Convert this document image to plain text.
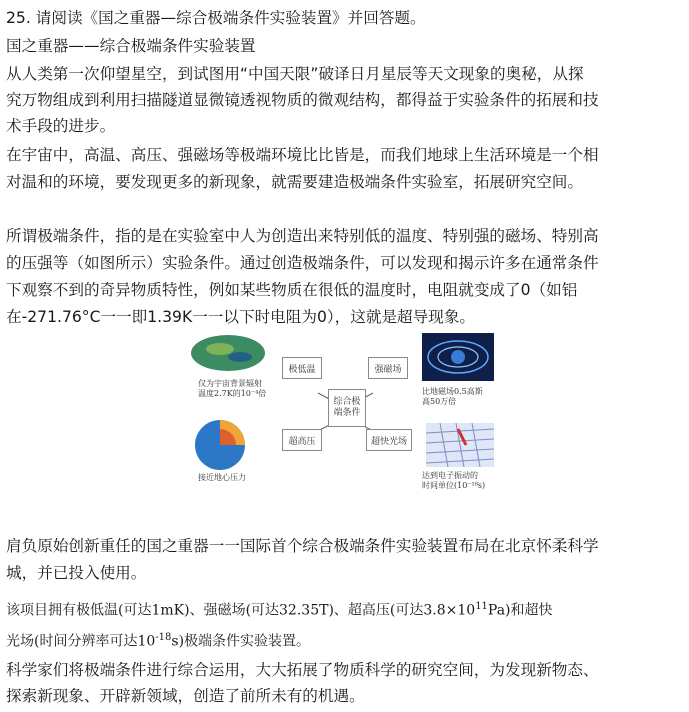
25. 请阅读《国之重器—综合极端条件实验装置》并回答题。
国之重器——综合极端条件实验装置
从人类第一次仰望星空，到试图用“中国天限”破译日月星辰等天文现象的奥秘，从探
究万物组成到利用扫描隧道显微镜透视物质的微观结构，都得益于实验条件的拓展和技
术手段的进步。
在宇宙中，高温、高压、强磁场等极端环境比比皆是，而我们地球上生活环境是一个相
对温和的环境，要发现更多的新现象，就需要建造极端条件实验室，拓展研究空间。
所谓极端条件，指的是在实验室中人为创造出来特别低的温度、特别强的磁场、特别高
的压强等（如图所示）实验条件。通过创造极端条件，可以发现和揭示许多在通常条件
下观察不到的奇异物质特性，例如某些物质在很低的温度时，电阻就变成了0（如铝
在-271.76°C一一即1.39K一一以下时电阻为0），这就是超导现象。
极低温	强磁场
超高压	超快光场
综合极
端条件
仅为宇宙背景辐射
温度2.7K的10⁻⁴倍	比地磁场0.5高斯
高50万倍
接近地心压力	达到电子振动的
时间单位(10⁻¹⁸s)
肩负原始创新重任的国之重器一一国际首个综合极端条件实验装置布局在北京怀柔科学
城，并已投入使用。
该项目拥有极低温(可达1mK)、强磁场(可达32.35T)、超高压(可达$3.8\times 10^{11}Pa$)和超快
光场(时间分辨率可达$10^{-18}s$)极端条件实验装置。
科学家们将极端条件进行综合运用，大大拓展了物质科学的研究空间，为发现新物态、
探索新现象、开辟新领域，创造了前所未有的机遇。
